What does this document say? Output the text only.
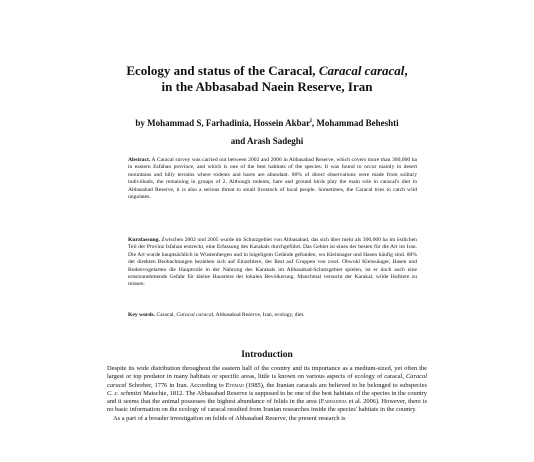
Ecology and status of the Caracal, Caracal caracal,
in the Abbasabad Naein Reserve, Iran
by Mohammad S, Farhadinia, Hossein Akbar$^i$, Mohammad Beheshti
and Arash Sadeghi
Abstract. A Caracal survey was carried out between 2002 and 2006 in Abbasabad Reserve, which covers more than 300,000 ha in eastern Esfahan province, and which is one of the best habitats of the species. It was found to occur mainly in desert mountains and hilly terrains where rodents and hares are abundant. 80% of direct observations were made from solitary individuals, the remaining in groups of 2. Although rodents, hare and ground birds play the main role in caracal's diet in Abbasabad Reserve, it is also a serious threat to small livestock of local people. Sometimes, the Caracal tries to catch wild ungulates.
Kurzfassung. Zwischen 2002 und 2005 wurde im Schutzgebiet von Abbasabad, das sich über mehr als 300,000 ha im östlichen Teil der Provinz Isfahan erstreckt, eine Erfassung des Karakals durchgeführt. Das Gebiet ist eines der besten für die Art im Iran. Die Art wurde hauptsächlich in Wüstenbergen und in hügeligem Gelände gefunden, wo Kleinnager und Hasen häufig sind. 80% der direkten Beobachtungen beziehen sich auf Einzeltiere, der Rest auf Gruppen von zwei. Obwohl Kleinsäuger, Hasen und Bodenvogelarten die Hauptrolle in der Nahrung des Karakals im Abbasabad-Schutzgebiet spielen, ist er doch auch eine ernstzunehmende Gefahr für kleine Haustiere der lokalen Bevölkerung. Manchmal versucht der Karakal, wilde Huftiere zu reissen.
Key words. Caracal, Caracal caracal, Abbasabad Reserve, Iran, ecology, diet.
Introduction

Despite its wide distribution throughout the eastern half of the country and its importance as a medium-sized, yet often the largest or top predator in many habitats or specific areas, little is known on various aspects of ecology of caracal, Caracal caracal Schreber, 1776 in Iran. According to Etemad (1985), the Iranian caracals are believed to be belonged to subspecies C. c. schmitzi Matschie, 1812. The Abbasabad Reserve is supposed to be one of the best habitats of the species in the country and it seems that the animal possesses the highest abundance of felids in the area (Farhadinia et al. 2006). However, there is no basic information on the ecology of caracal resulted from Iranian researches inside the species' habitats in the country.

As a part of a broader investigation on felids of Abbasabad Reserve, the present research is
